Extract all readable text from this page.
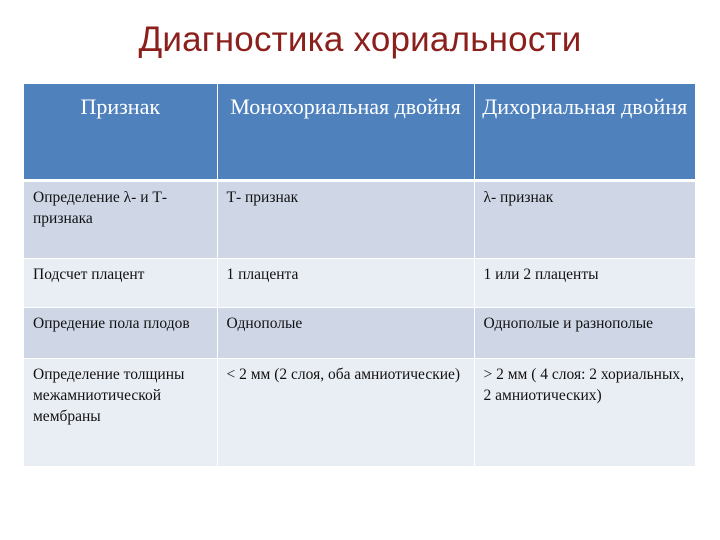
Диагностика хориальности
Признак	Монохориальная двойня	Дихориальная двойня
Определение λ- и Т- признака	Т- признак	λ- признак
Подсчет плацент	1 плацента	1 или 2 плаценты
Опредение пола плодов	Однополые	Однополые и разнополые
Определение толщины межамниотической мембраны	˂ 2 мм (2 слоя, оба амниотические)	> 2 мм ( 4 слоя: 2 хориальных, 2 амниотических)
